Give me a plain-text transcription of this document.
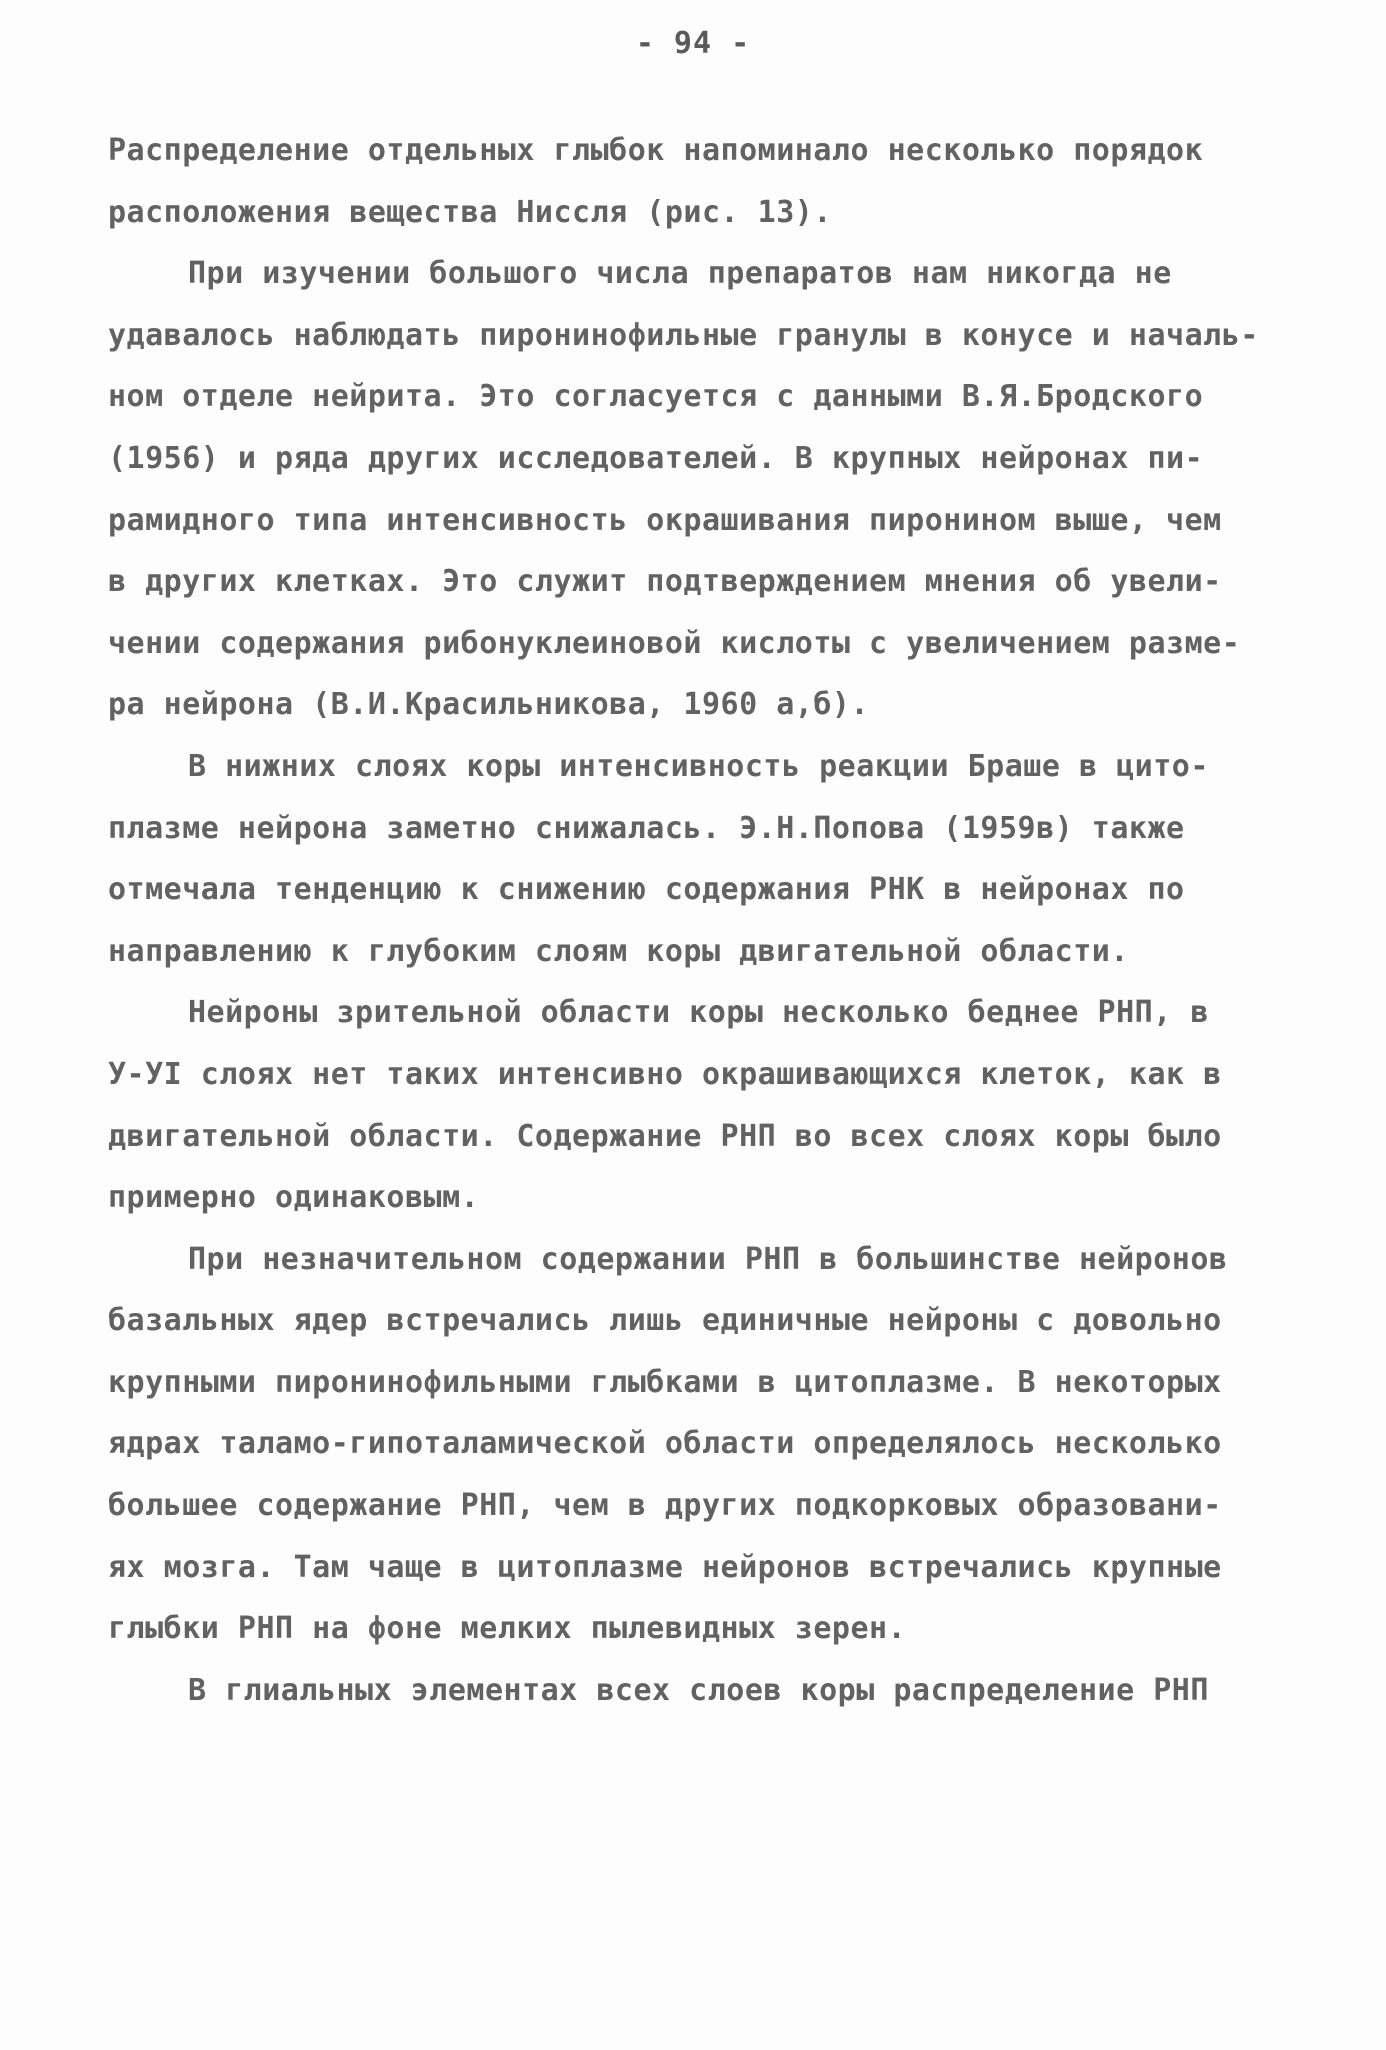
- 94 -
Распределение отдельных глыбок напоминало несколько порядок
расположения вещества Ниссля (рис. 13).
При изучении большого числа препаратов нам никогда не
удавалось наблюдать пиронинофильные гранулы в конусе и началь-
ном отделе нейрита. Это согласуется с данными В.Я.Бродского
(1956) и ряда других исследователей. В крупных нейронах пи-
рамидного типа интенсивность окрашивания пиронином выше, чем
в других клетках. Это служит подтверждением мнения об увели-
чении содержания рибонуклеиновой кислоты с увеличением разме-
ра нейрона (В.И.Красильникова, 1960 а,б).
В нижних слоях коры интенсивность реакции Браше в цито-
плазме нейрона заметно снижалась. Э.Н.Попова (1959в) также
отмечала тенденцию к снижению содержания РНК в нейронах по
направлению к глубоким слоям коры двигательной области.
Нейроны зрительной области коры несколько беднее РНП, в
У-УI слоях нет таких интенсивно окрашивающихся клеток, как в
двигательной области. Содержание РНП во всех слоях коры было
примерно одинаковым.
При незначительном содержании РНП в большинстве нейронов
базальных ядер встречались лишь единичные нейроны с довольно
крупными пиронинофильными глыбками в цитоплазме. В некоторых
ядрах таламо-гипоталамической области определялось несколько
большее содержание РНП, чем в других подкорковых образовани-
ях мозга. Там чаще в цитоплазме нейронов встречались крупные
глыбки РНП на фоне мелких пылевидных зерен.
В глиальных элементах всех слоев коры распределение РНП
